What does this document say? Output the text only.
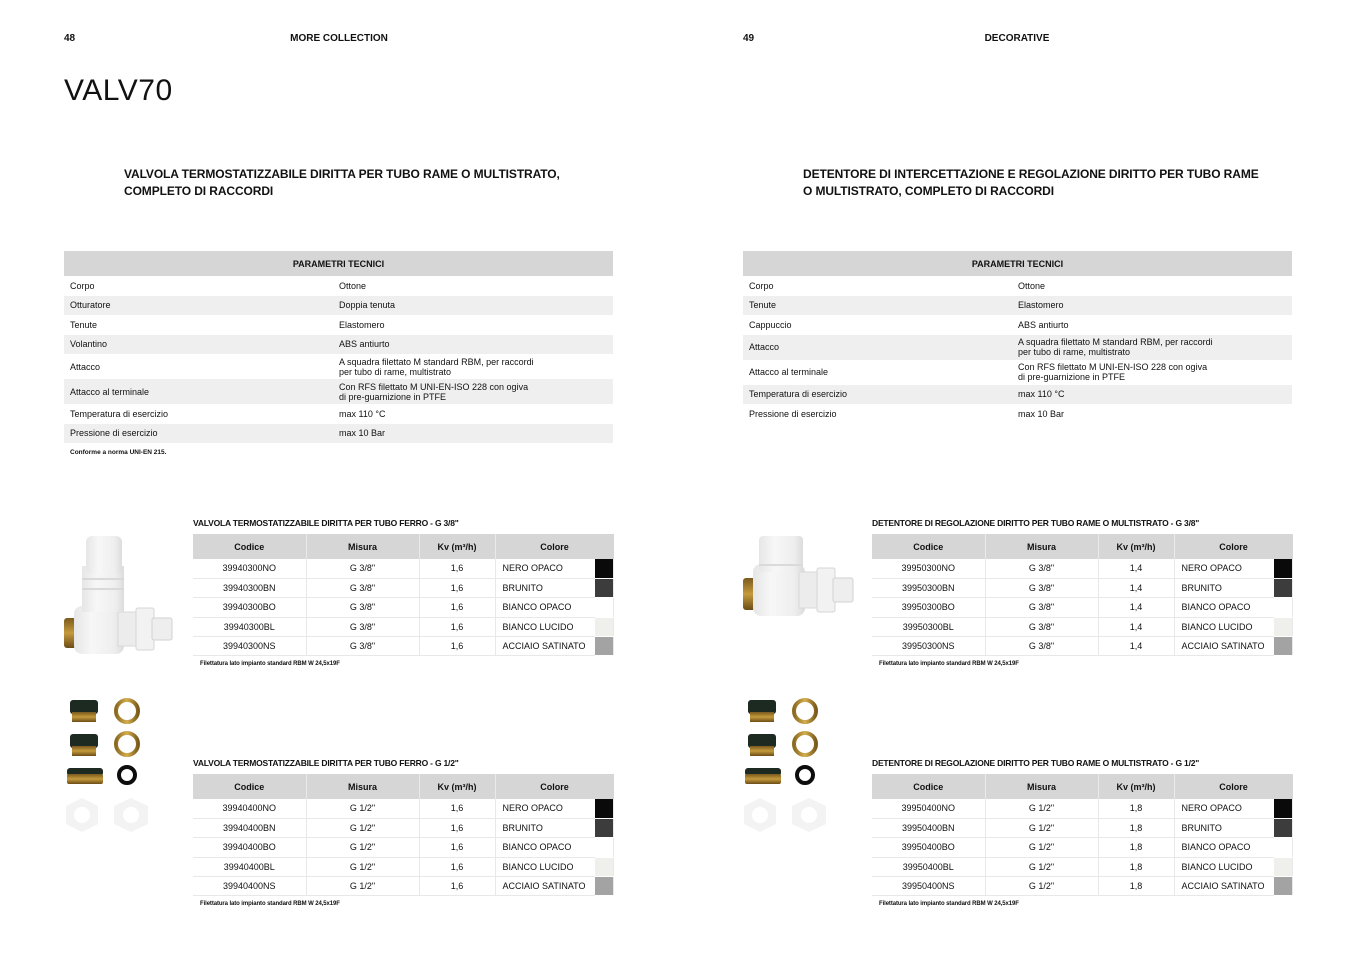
48	MORE COLLECTION
VALV70
VALVOLA TERMOSTATIZZABILE DIRITTA PER TUBO RAME O MULTISTRATO,
COMPLETO DI RACCORDI
PARAMETRI TECNICI
Corpo	Ottone
Otturatore	Doppia tenuta
Tenute	Elastomero
Volantino	ABS antiurto
Attacco	A squadra filettato M standard RBM, per raccordi
per tubo di rame, multistrato
Attacco al terminale	Con RFS filettato M UNI-EN-ISO 228 con ogiva
di pre-guarnizione in PTFE
Temperatura di esercizio	max 110 °C
Pressione di esercizio	max 10 Bar
Conforme a norma UNI-EN 215.
VALVOLA TERMOSTATIZZABILE DIRITTA PER TUBO FERRO - G 3/8"
Codice	Misura	Kv (m³/h)	Colore	
39940300NO	G 3/8"	1,6	NERO OPACO	
39940300BN	G 3/8"	1,6	BRUNITO	
39940300BO	G 3/8"	1,6	BIANCO OPACO	
39940300BL	G 3/8"	1,6	BIANCO LUCIDO	
39940300NS	G 3/8"	1,6	ACCIAIO SATINATO	
Filettatura lato impianto standard RBM W 24,5x19F
VALVOLA TERMOSTATIZZABILE DIRITTA PER TUBO FERRO - G 1/2"
Codice	Misura	Kv (m³/h)	Colore	
39940400NO	G 1/2"	1,6	NERO OPACO	
39940400BN	G 1/2"	1,6	BRUNITO	
39940400BO	G 1/2"	1,6	BIANCO OPACO	
39940400BL	G 1/2"	1,6	BIANCO LUCIDO	
39940400NS	G 1/2"	1,6	ACCIAIO SATINATO	
Filettatura lato impianto standard RBM W 24,5x19F
49	DECORATIVE
DETENTORE DI INTERCETTAZIONE E REGOLAZIONE DIRITTO PER TUBO RAME
O MULTISTRATO, COMPLETO DI RACCORDI
PARAMETRI TECNICI
Corpo	Ottone
Tenute	Elastomero
Cappuccio	ABS antiurto
Attacco	A squadra filettato M standard RBM, per raccordi
per tubo di rame, multistrato
Attacco al terminale	Con RFS filettato M UNI-EN-ISO 228 con ogiva
di pre-guarnizione in PTFE
Temperatura di esercizio	max 110 °C
Pressione di esercizio	max 10 Bar
DETENTORE DI REGOLAZIONE DIRITTO PER TUBO RAME O MULTISTRATO - G 3/8"
Codice	Misura	Kv (m³/h)	Colore	
39950300NO	G 3/8"	1,4	NERO OPACO	
39950300BN	G 3/8"	1,4	BRUNITO	
39950300BO	G 3/8"	1,4	BIANCO OPACO	
39950300BL	G 3/8"	1,4	BIANCO LUCIDO	
39950300NS	G 3/8"	1,4	ACCIAIO SATINATO	
Filettatura lato impianto standard RBM W 24,5x19F
DETENTORE DI REGOLAZIONE DIRITTO PER TUBO RAME O MULTISTRATO - G 1/2"
Codice	Misura	Kv (m³/h)	Colore	
39950400NO	G 1/2"	1,8	NERO OPACO	
39950400BN	G 1/2"	1,8	BRUNITO	
39950400BO	G 1/2"	1,8	BIANCO OPACO	
39950400BL	G 1/2"	1,8	BIANCO LUCIDO	
39950400NS	G 1/2"	1,8	ACCIAIO SATINATO	
Filettatura lato impianto standard RBM W 24,5x19F
